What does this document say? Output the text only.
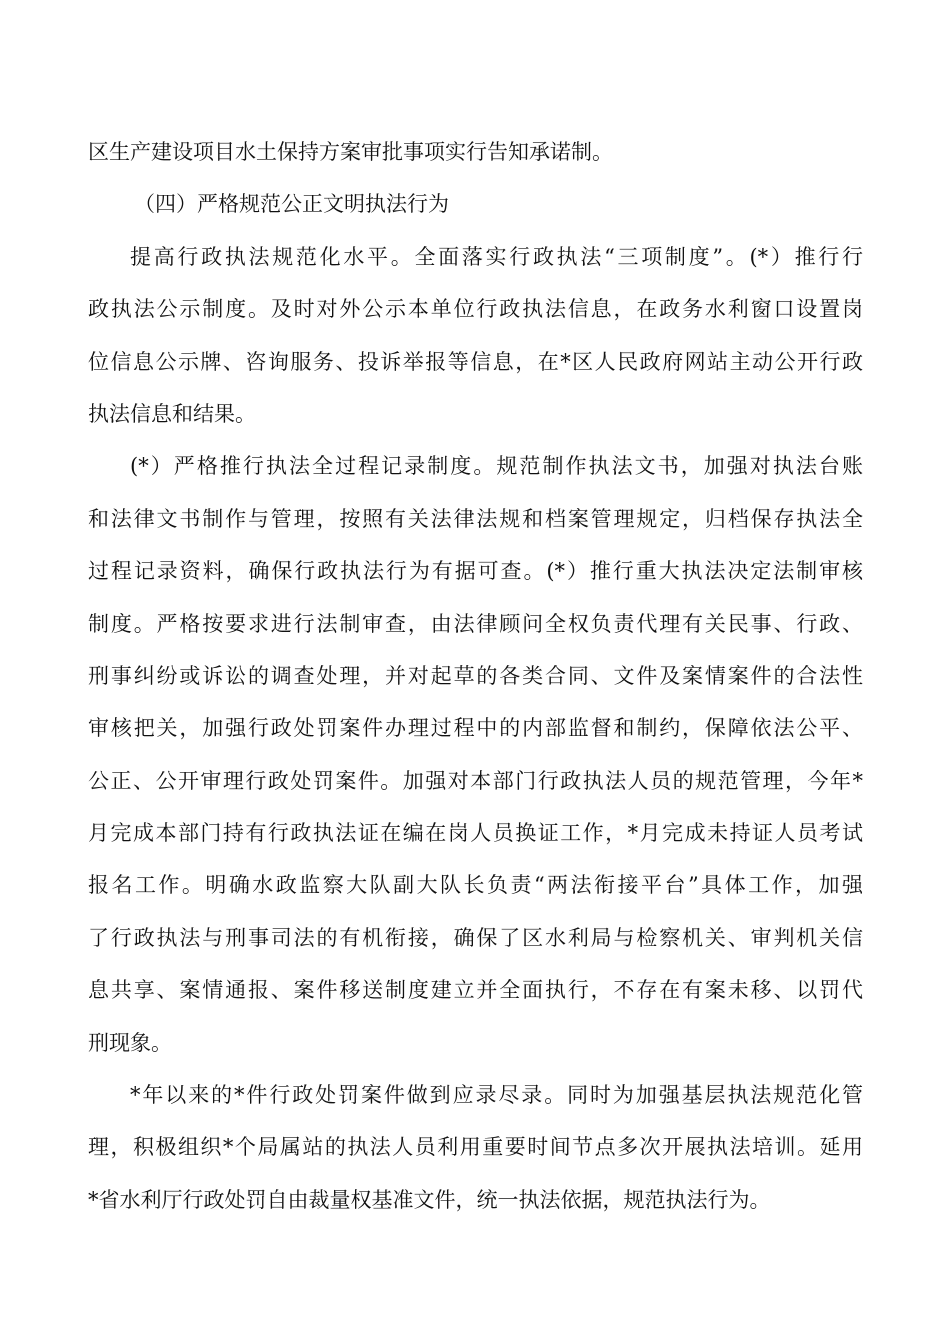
区生产建设项目水土保持方案审批事项实行告知承诺制。
（四）严格规范公正文明执法行为
提高行政执法规范化水平。全面落实行政执法“三项制度”。(*）推行行
政执法公示制度。及时对外公示本单位行政执法信息，在政务水利窗口设置岗
位信息公示牌、咨询服务、投诉举报等信息，在*区人民政府网站主动公开行政
执法信息和结果。
(*）严格推行执法全过程记录制度。规范制作执法文书，加强对执法台账
和法律文书制作与管理，按照有关法律法规和档案管理规定，归档保存执法全
过程记录资料，确保行政执法行为有据可查。(*）推行重大执法决定法制审核
制度。严格按要求进行法制审查，由法律顾问全权负责代理有关民事、行政、
刑事纠纷或诉讼的调查处理，并对起草的各类合同、文件及案情案件的合法性
审核把关，加强行政处罚案件办理过程中的内部监督和制约，保障依法公平、
公正、公开审理行政处罚案件。加强对本部门行政执法人员的规范管理，今年*
月完成本部门持有行政执法证在编在岗人员换证工作，*月完成未持证人员考试
报名工作。明确水政监察大队副大队长负责“两法衔接平台”具体工作，加强
了行政执法与刑事司法的有机衔接，确保了区水利局与检察机关、审判机关信
息共享、案情通报、案件移送制度建立并全面执行，不存在有案未移、以罚代
刑现象。
*年以来的*件行政处罚案件做到应录尽录。同时为加强基层执法规范化管
理，积极组织*个局属站的执法人员利用重要时间节点多次开展执法培训。延用
*省水利厅行政处罚自由裁量权基准文件，统一执法依据，规范执法行为。
